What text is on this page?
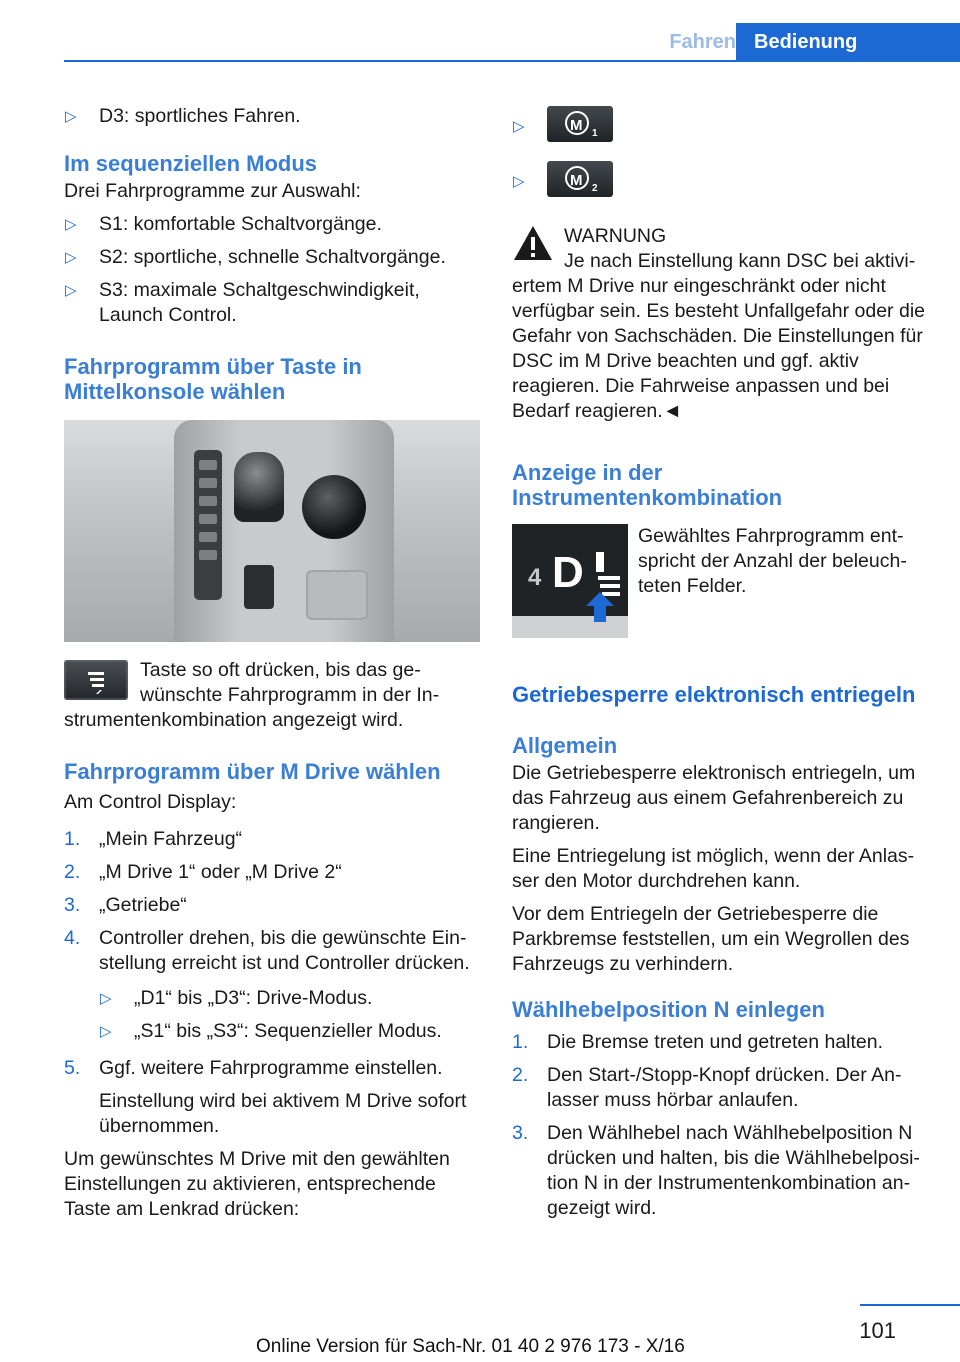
Fahren Bedienung
▷ D3: sportliches Fahren.
Im sequenziellen Modus

Drei Fahrprogramme zur Auswahl:

▷ S1: komfortable Schaltvorgänge.
▷ S2: sportliche, schnelle Schaltvorgänge.
▷ S3: maximale Schaltgeschwindigkeit, Launch Control.
Fahrprogramm über Taste in Mittelkonsole wählen

Taste so oft drücken, bis das gewünschte Fahrprogramm in der Instrumentenkombination angezeigt wird.

Fahrprogramm über M Drive wählen

Am Control Display:

1. „Mein Fahrzeug“
2. „M Drive 1“ oder „M Drive 2“
3. „Getriebe“
4. Controller drehen, bis die gewünschte Einstellung erreicht ist und Controller drücken.
▷ „D1“ bis „D3“: Drive-Modus.
▷ „S1“ bis „S3“: Sequenzieller Modus.
5. Ggf. weitere Fahrprogramme einstellen.

Einstellung wird bei aktivem M Drive sofort übernommen.

Um gewünschtes M Drive mit den gewählten Einstellungen zu aktivieren, entsprechende Taste am Lenkrad drücken:

▷ M 1
▷ M 2

WARNUNG

Je nach Einstellung kann DSC bei aktiviertem M Drive nur eingeschränkt oder nicht verfügbar sein. Es besteht Unfallgefahr oder die Gefahr von Sachschäden. Die Einstellungen für DSC im M Drive beachten und ggf. aktiv reagieren. Die Fahrweise anpassen und bei Bedarf reagieren.◄

Anzeige in der Instrumentenkombination
4 D

Gewähltes Fahrprogramm entspricht der Anzahl der beleuchteten Felder.

Getriebesperre elektronisch entriegeln
Allgemein

Die Getriebesperre elektronisch entriegeln, um das Fahrzeug aus einem Gefahrenbereich zu rangieren.

Eine Entriegelung ist möglich, wenn der Anlasser den Motor durchdrehen kann.

Vor dem Entriegeln der Getriebesperre die Parkbremse feststellen, um ein Wegrollen des Fahrzeugs zu verhindern.

Wählhebelposition N einlegen
1. Die Bremse treten und getreten halten.
2. Den Start-/Stopp-Knopf drücken. Der Anlasser muss hörbar anlaufen.
3. Den Wählhebel nach Wählhebelposition N drücken und halten, bis die Wählhebelposition N in der Instrumentenkombination angezeigt wird.
101
Online Version für Sach-Nr. 01 40 2 976 173 - X/16
